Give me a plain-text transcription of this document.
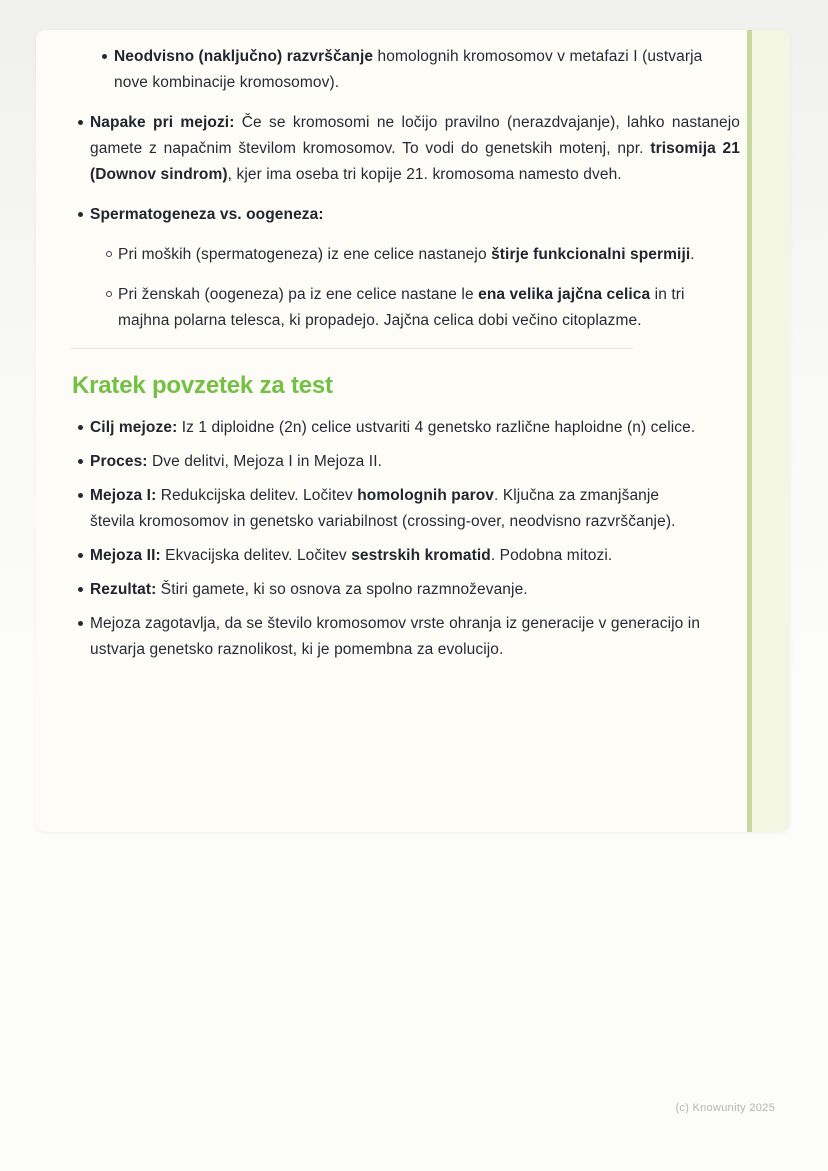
Neodvisno (naključno) razvrščanje homolognih kromosomov v metafazi I (ustvarja nove kombinacije kromosomov).

Napake pri mejozi: Če se kromosomi ne ločijo pravilno (nerazdvajanje), lahko nastanejo gamete z napačnim številom kromosomov. To vodi do genetskih motenj, npr. trisomija 21 (Downov sindrom), kjer ima oseba tri kopije 21. kromosoma namesto dveh.

Spermatogeneza vs. oogeneza:

Pri moških (spermatogeneza) iz ene celice nastanejo štirje funkcionalni spermiji.

Pri ženskah (oogeneza) pa iz ene celice nastane le ena velika jajčna celica in tri majhna polarna telesca, ki propadejo. Jajčna celica dobi večino citoplazme.

Kratek povzetek za test

Cilj mejoze: Iz 1 diploidne (2n) celice ustvariti 4 genetsko različne haploidne (n) celice.

Proces: Dve delitvi, Mejoza I in Mejoza II.

Mejoza I: Redukcijska delitev. Ločitev homolognih parov. Ključna za zmanjšanje števila kromosomov in genetsko variabilnost (crossing-over, neodvisno razvrščanje).

Mejoza II: Ekvacijska delitev. Ločitev sestrskih kromatid. Podobna mitozi.

Rezultat: Štiri gamete, ki so osnova za spolno razmnoževanje.

Mejoza zagotavlja, da se število kromosomov vrste ohranja iz generacije v generacijo in ustvarja genetsko raznolikost, ki je pomembna za evolucijo.

(c) Knowunity 2025
